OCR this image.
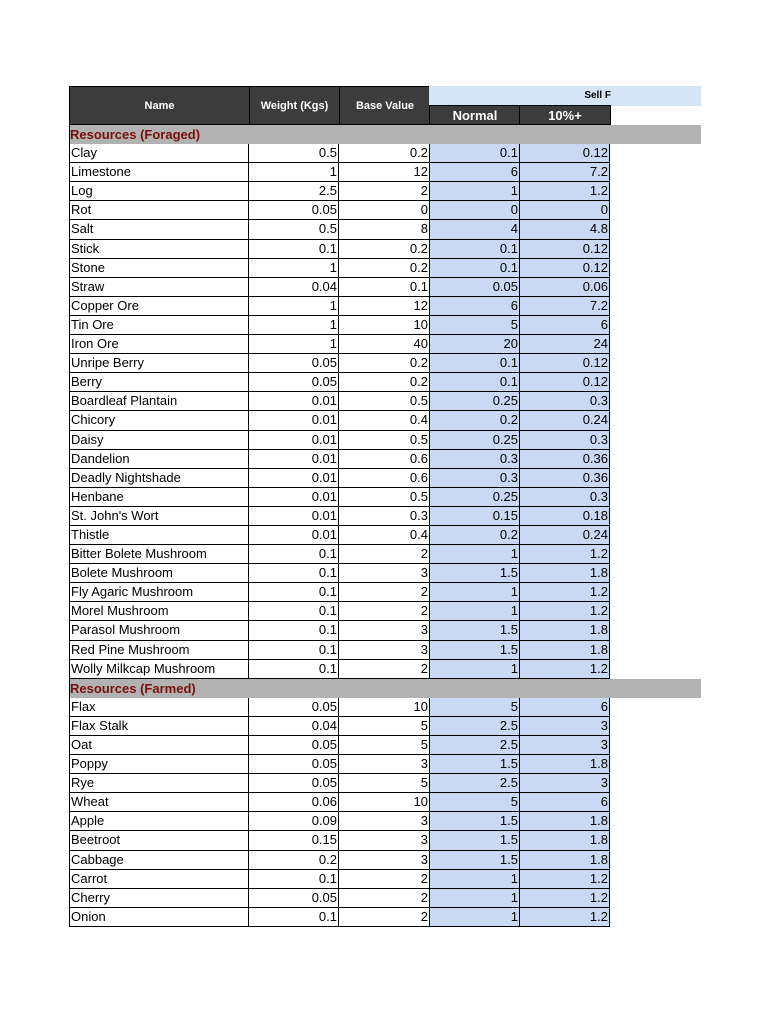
Name	Weight (Kgs)	Base Value
Sell F
Normal	10%+
Resources (Foraged)
Clay	0.5	0.2	0.1	0.12
Limestone	1	12	6	7.2
Log	2.5	2	1	1.2
Rot	0.05	0	0	0
Salt	0.5	8	4	4.8
Stick	0.1	0.2	0.1	0.12
Stone	1	0.2	0.1	0.12
Straw	0.04	0.1	0.05	0.06
Copper Ore	1	12	6	7.2
Tin Ore	1	10	5	6
Iron Ore	1	40	20	24
Unripe Berry	0.05	0.2	0.1	0.12
Berry	0.05	0.2	0.1	0.12
Boardleaf Plantain	0.01	0.5	0.25	0.3
Chicory	0.01	0.4	0.2	0.24
Daisy	0.01	0.5	0.25	0.3
Dandelion	0.01	0.6	0.3	0.36
Deadly Nightshade	0.01	0.6	0.3	0.36
Henbane	0.01	0.5	0.25	0.3
St. John's Wort	0.01	0.3	0.15	0.18
Thistle	0.01	0.4	0.2	0.24
Bitter Bolete Mushroom	0.1	2	1	1.2
Bolete Mushroom	0.1	3	1.5	1.8
Fly Agaric Mushroom	0.1	2	1	1.2
Morel Mushroom	0.1	2	1	1.2
Parasol Mushroom	0.1	3	1.5	1.8
Red Pine Mushroom	0.1	3	1.5	1.8
Wolly Milkcap Mushroom	0.1	2	1	1.2
Resources (Farmed)
Flax	0.05	10	5	6
Flax Stalk	0.04	5	2.5	3
Oat	0.05	5	2.5	3
Poppy	0.05	3	1.5	1.8
Rye	0.05	5	2.5	3
Wheat	0.06	10	5	6
Apple	0.09	3	1.5	1.8
Beetroot	0.15	3	1.5	1.8
Cabbage	0.2	3	1.5	1.8
Carrot	0.1	2	1	1.2
Cherry	0.05	2	1	1.2
Onion	0.1	2	1	1.2
